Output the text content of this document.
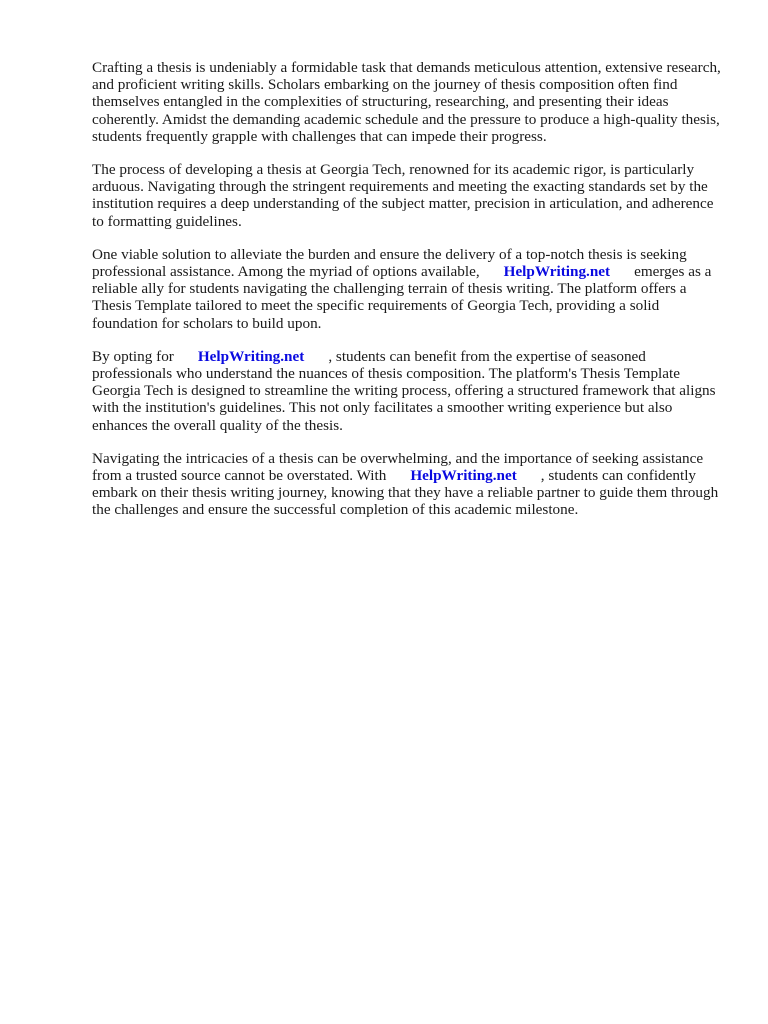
Crafting a thesis is undeniably a formidable task that demands meticulous attention, extensive research, and proficient writing skills. Scholars embarking on the journey of thesis composition often find themselves entangled in the complexities of structuring, researching, and presenting their ideas coherently. Amidst the demanding academic schedule and the pressure to produce a high-quality thesis, students frequently grapple with challenges that can impede their progress.

The process of developing a thesis at Georgia Tech, renowned for its academic rigor, is particularly arduous. Navigating through the stringent requirements and meeting the exacting standards set by the institution requires a deep understanding of the subject matter, precision in articulation, and adherence to formatting guidelines.

One viable solution to alleviate the burden and ensure the delivery of a top-notch thesis is seeking professional assistance. Among the myriad of options available, HelpWriting.net emerges as a reliable ally for students navigating the challenging terrain of thesis writing. The platform offers a Thesis Template tailored to meet the specific requirements of Georgia Tech, providing a solid foundation for scholars to build upon.

By opting for HelpWriting.net , students can benefit from the expertise of seasoned professionals who understand the nuances of thesis composition. The platform's Thesis Template Georgia Tech is designed to streamline the writing process, offering a structured framework that aligns with the institution's guidelines. This not only facilitates a smoother writing experience but also enhances the overall quality of the thesis.

Navigating the intricacies of a thesis can be overwhelming, and the importance of seeking assistance from a trusted source cannot be overstated. With HelpWriting.net , students can confidently embark on their thesis writing journey, knowing that they have a reliable partner to guide them through the challenges and ensure the successful completion of this academic milestone.
